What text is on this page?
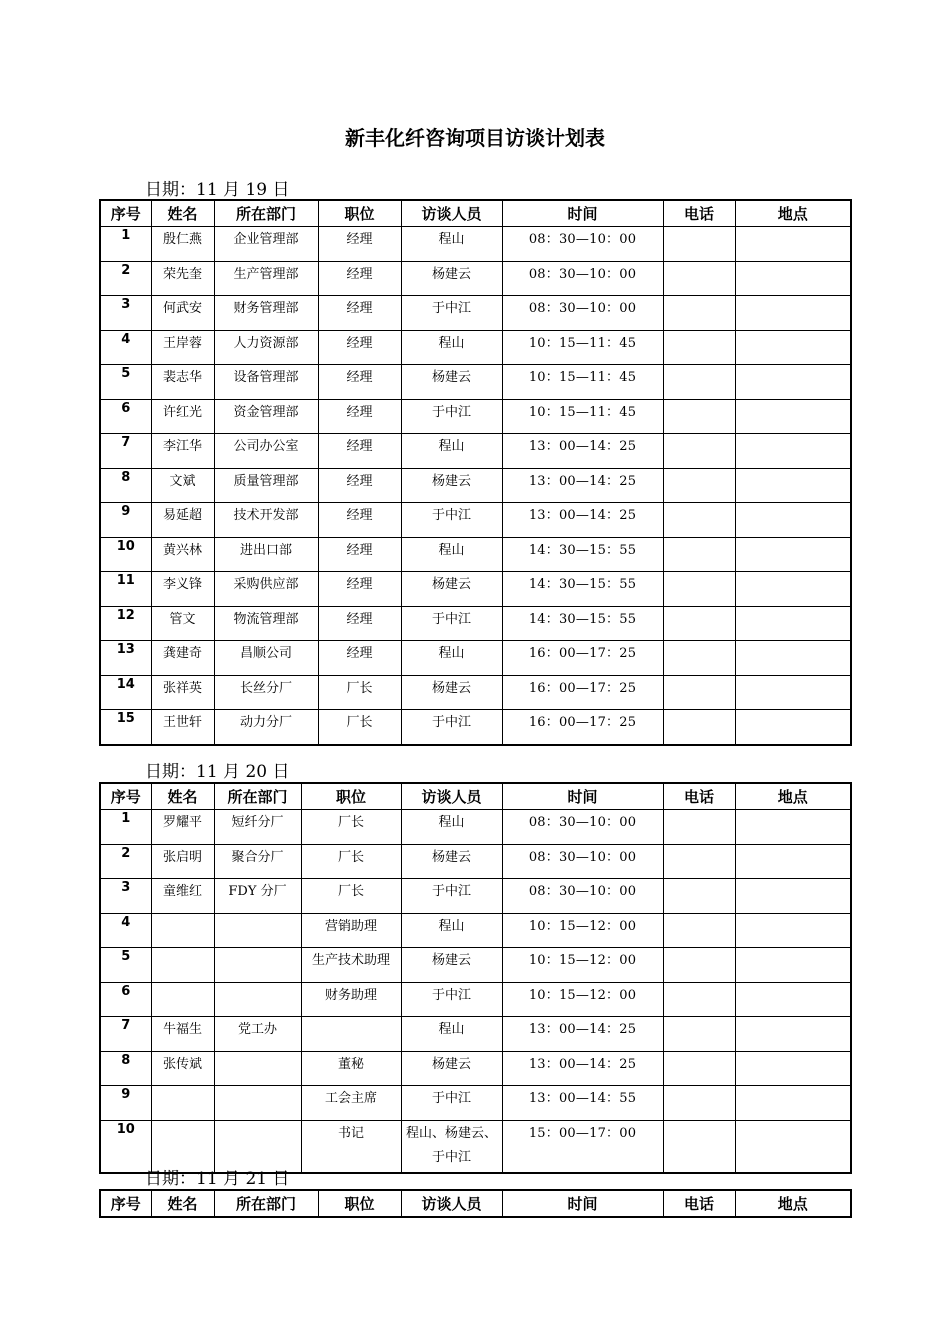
新丰化纤咨询项目访谈计划表
日期：11 月 19 日
序号	姓名	所在部门	职位	访谈人员	时间	电话	地点
1	殷仁燕	企业管理部	经理	程山	08：30—10：00		
2	荣先奎	生产管理部	经理	杨建云	08：30—10：00		
3	何武安	财务管理部	经理	于中江	08：30—10：00		
4	王岸蓉	人力资源部	经理	程山	10：15—11：45		
5	裴志华	设备管理部	经理	杨建云	10：15—11：45		
6	许红光	资金管理部	经理	于中江	10：15—11：45		
7	李江华	公司办公室	经理	程山	13：00—14：25		
8	文斌	质量管理部	经理	杨建云	13：00—14：25		
9	易延超	技术开发部	经理	于中江	13：00—14：25		
10	黄兴林	进出口部	经理	程山	14：30—15：55		
11	李义锋	采购供应部	经理	杨建云	14：30—15：55		
12	管文	物流管理部	经理	于中江	14：30—15：55		
13	龚建奇	昌顺公司	经理	程山	16：00—17：25		
14	张祥英	长丝分厂	厂长	杨建云	16：00—17：25		
15	王世轩	动力分厂	厂长	于中江	16：00—17：25		
日期：11 月 20 日
序号	姓名	所在部门	职位	访谈人员	时间	电话	地点
1	罗耀平	短纤分厂	厂长	程山	08：30—10：00		
2	张启明	聚合分厂	厂长	杨建云	08：30—10：00		
3	童维红	FDY 分厂	厂长	于中江	08：30—10：00		
4			营销助理	程山	10：15—12：00		
5			生产技术助理	杨建云	10：15—12：00		
6			财务助理	于中江	10：15—12：00		
7	牛福生	党工办		程山	13：00—14：25		
8	张传斌		董秘	杨建云	13：00—14：25		
9			工会主席	于中江	13：00—14：55		
10			书记	程山、杨建云、于中江	15：00—17：00		
日期：11 月 21 日
序号	姓名	所在部门	职位	访谈人员	时间	电话	地点
